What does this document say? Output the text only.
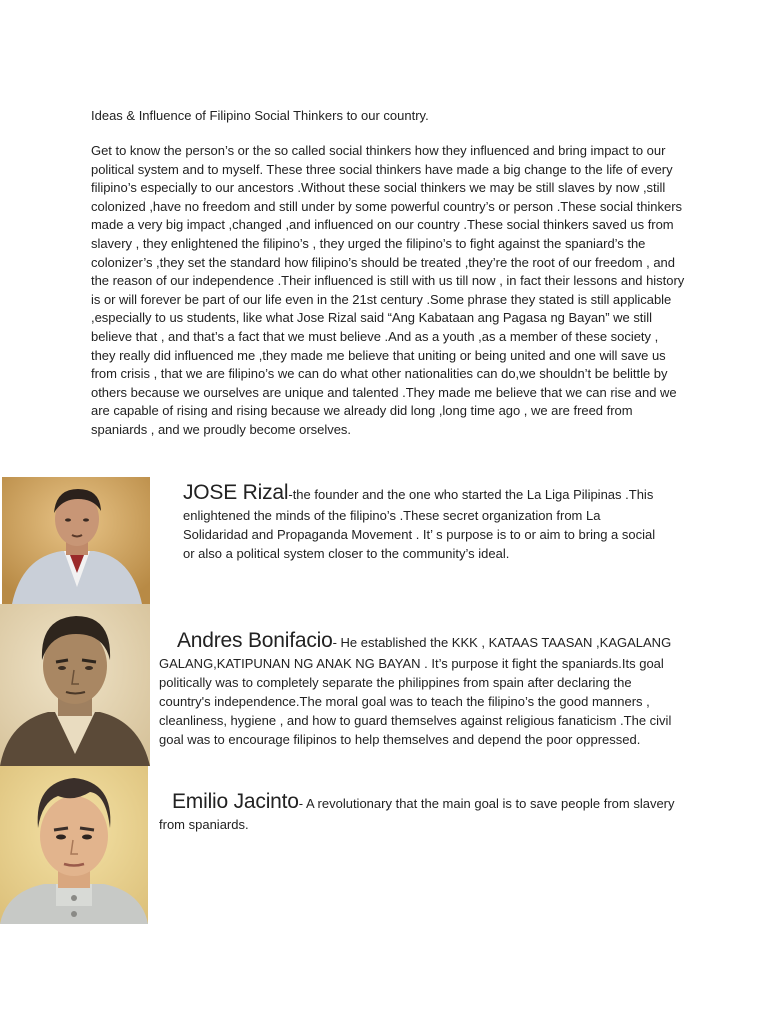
Ideas & Influence of Filipino Social Thinkers to our country.

Get to know the person’s or the so called social thinkers how they influenced and bring impact to our political system and to myself. These three social thinkers have made a big change to the life of every filipino’s especially to our ancestors .Without these social thinkers we may be still slaves by now ,still colonized ,have no freedom and still under by some powerful country’s or person .These social thinkers made a very big impact ,changed ,and influenced on our country .These social thinkers saved us from slavery , they enlightened the filipino’s , they urged the filipino’s to fight against the spaniard’s the colonizer’s ,they set the standard how filipino’s should be treated ,they’re the root of our freedom , and the reason of our independence .Their influenced is still with us till now , in fact their lessons and history is or will forever be part of our life even in the 21st century .Some phrase they stated is still applicable ,especially to us students, like what Jose Rizal said “Ang Kabataan ang Pagasa ng Bayan” we still believe that , and that’s a fact that we must believe .And as a youth ,as a member of these society , they really did influenced me ,they made me believe that uniting or being united and one will save us from crisis , that we are filipino’s we can do what other nationalities can do,we shouldn’t be belittle by others because we ourselves are unique and talented .They made me believe that we can rise and we are capable of rising and rising because we already did long ,long time ago , we are freed from spaniards , and we proudly become orselves.

JOSE Rizal-the founder and the one who started the La Liga Pilipinas .This enlightened the minds of the filipino’s .These secret organization from La Solidaridad and Propaganda Movement . It’ s purpose is to or aim to bring a social or also a political system closer to the community’s ideal.

Andres Bonifacio- He established the KKK , KATAAS TAASAN ,KAGALANG GALANG,KATIPUNAN NG ANAK NG BAYAN . It’s purpose it fight the spaniards.Its goal politically was to completely separate the philippines from spain after declaring the country's independence.The moral goal was to teach the filipino’s the good manners , cleanliness, hygiene , and how to guard themselves against religious fanaticism .The civil goal was to encourage filipinos to help themselves and depend the poor oppressed.

Emilio Jacinto- A revolutionary that the main goal is to save people from slavery from spaniards.
